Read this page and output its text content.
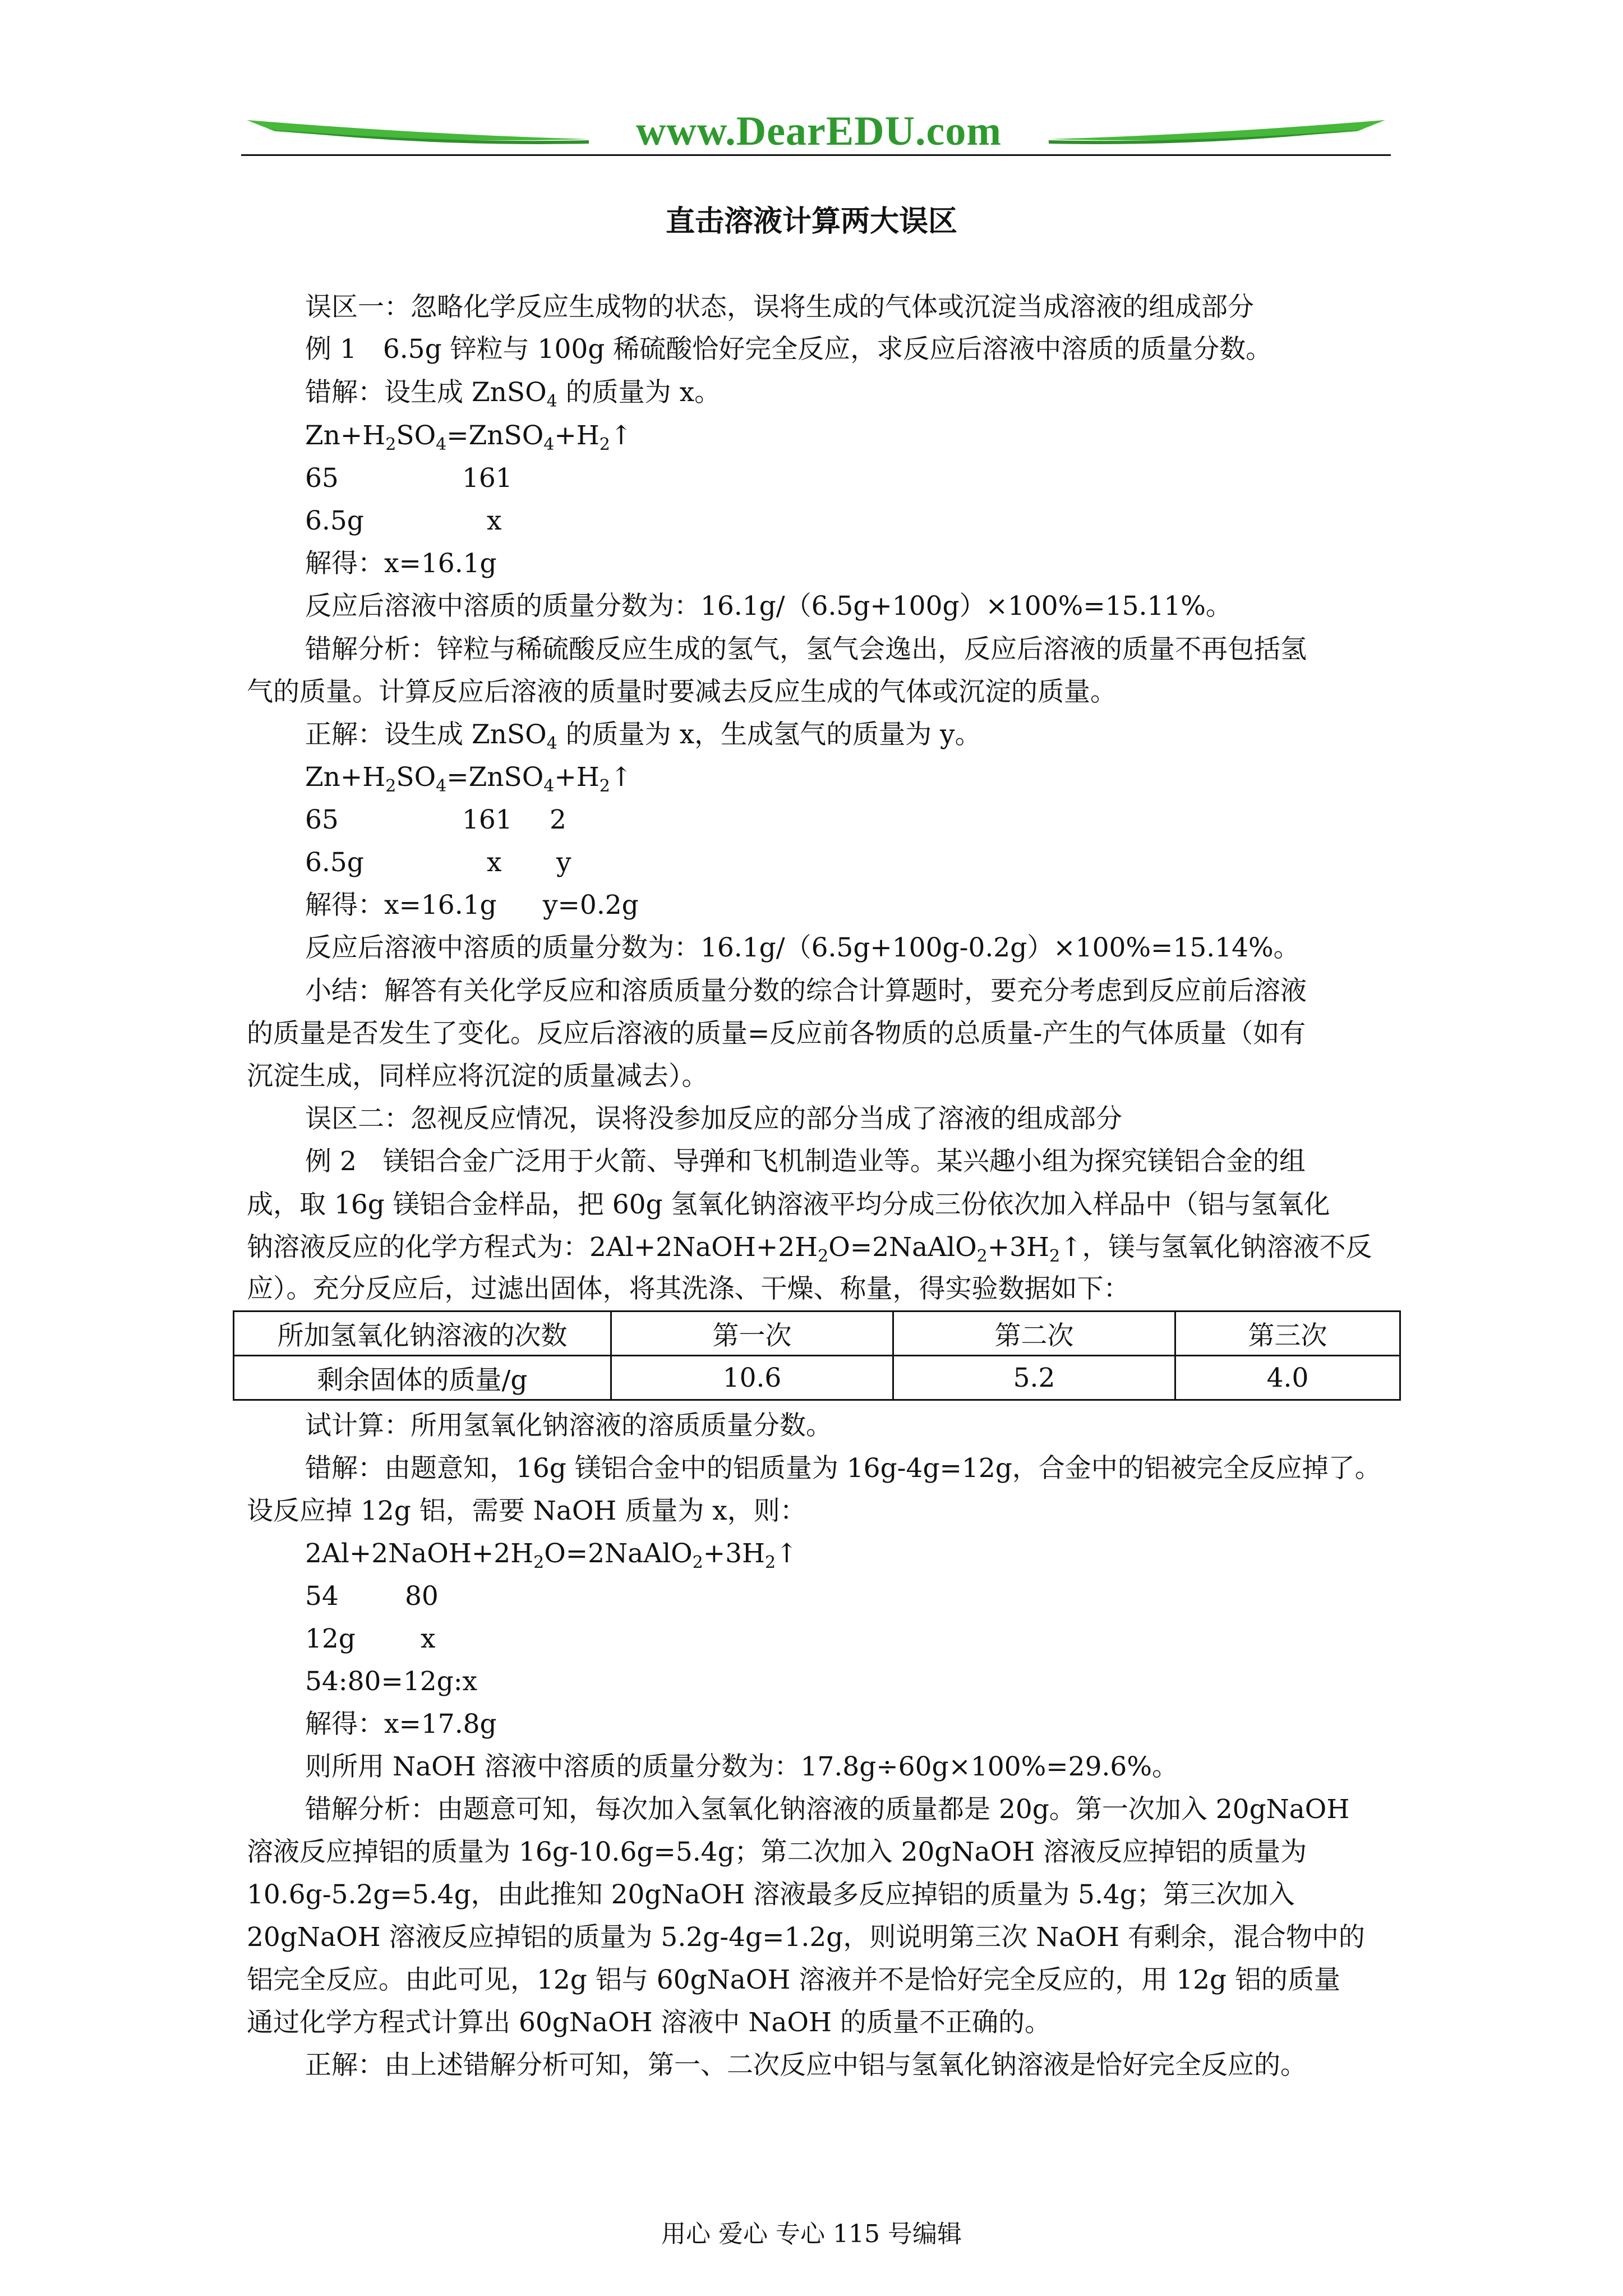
www.DearEDU.com
直击溶液计算两大误区
误区一：忽略化学反应生成物的状态，误将生成的气体或沉淀当成溶液的组成部分
例 1　6.5g 锌粒与 100g 稀硫酸恰好完全反应，求反应后溶液中溶质的质量分数。
错解：设生成 ZnSO$_4$ 的质量为 x。
$Zn+H_2SO_4=ZnSO_4+H_2↑$
65	161
6.5g	x
解得：x=16.1g
反应后溶液中溶质的质量分数为：16.1g/（6.5g+100g）×100%=15.11%。
错解分析：锌粒与稀硫酸反应生成的氢气，氢气会逸出，反应后溶液的质量不再包括氢
气的质量。计算反应后溶液的质量时要减去反应生成的气体或沉淀的质量。
正解：设生成 ZnSO$_4$ 的质量为 x，生成氢气的质量为 y。
$Zn+H_2SO_4=ZnSO_4+H_2↑$
65	161 2
6.5g	x y
解得：x=16.1g y=0.2g
反应后溶液中溶质的质量分数为：16.1g/（6.5g+100g-0.2g）×100%=15.14%。
小结：解答有关化学反应和溶质质量分数的综合计算题时，要充分考虑到反应前后溶液
的质量是否发生了变化。反应后溶液的质量=反应前各物质的总质量-产生的气体质量（如有
沉淀生成，同样应将沉淀的质量减去）。
误区二：忽视反应情况，误将没参加反应的部分当成了溶液的组成部分
例 2　镁铝合金广泛用于火箭、导弹和飞机制造业等。某兴趣小组为探究镁铝合金的组
成，取 16g 镁铝合金样品，把 60g 氢氧化钠溶液平均分成三份依次加入样品中（铝与氢氧化
钠溶液反应的化学方程式为：$2Al+2NaOH+2H_2O=2NaAlO_2+3H_2↑$，镁与氢氧化钠溶液不反
应）。充分反应后，过滤出固体，将其洗涤、干燥、称量，得实验数据如下：
所加氢氧化钠溶液的次数	第一次	第二次	第三次
剩余固体的质量/g	10.6	5.2	4.0
试计算：所用氢氧化钠溶液的溶质质量分数。
错解：由题意知，16g 镁铝合金中的铝质量为 16g-4g=12g，合金中的铝被完全反应掉了。
设反应掉 12g 铝，需要 NaOH 质量为 x，则：
$2Al+2NaOH+2H_2O=2NaAlO_2+3H_2↑$
54	80
12g x
54:80=12g:x
解得：x=17.8g
则所用 NaOH 溶液中溶质的质量分数为：17.8g÷60g×100%=29.6%。
错解分析：由题意可知，每次加入氢氧化钠溶液的质量都是 20g。第一次加入 20gNaOH
溶液反应掉铝的质量为 16g-10.6g=5.4g；第二次加入 20gNaOH 溶液反应掉铝的质量为
10.6g-5.2g=5.4g，由此推知 20gNaOH 溶液最多反应掉铝的质量为 5.4g；第三次加入
20gNaOH 溶液反应掉铝的质量为 5.2g-4g=1.2g，则说明第三次 NaOH 有剩余，混合物中的
铝完全反应。由此可见，12g 铝与 60gNaOH 溶液并不是恰好完全反应的，用 12g 铝的质量
通过化学方程式计算出 60gNaOH 溶液中 NaOH 的质量不正确的。
正解：由上述错解分析可知，第一、二次反应中铝与氢氧化钠溶液是恰好完全反应的。
用心 爱心 专心 115 号编辑
